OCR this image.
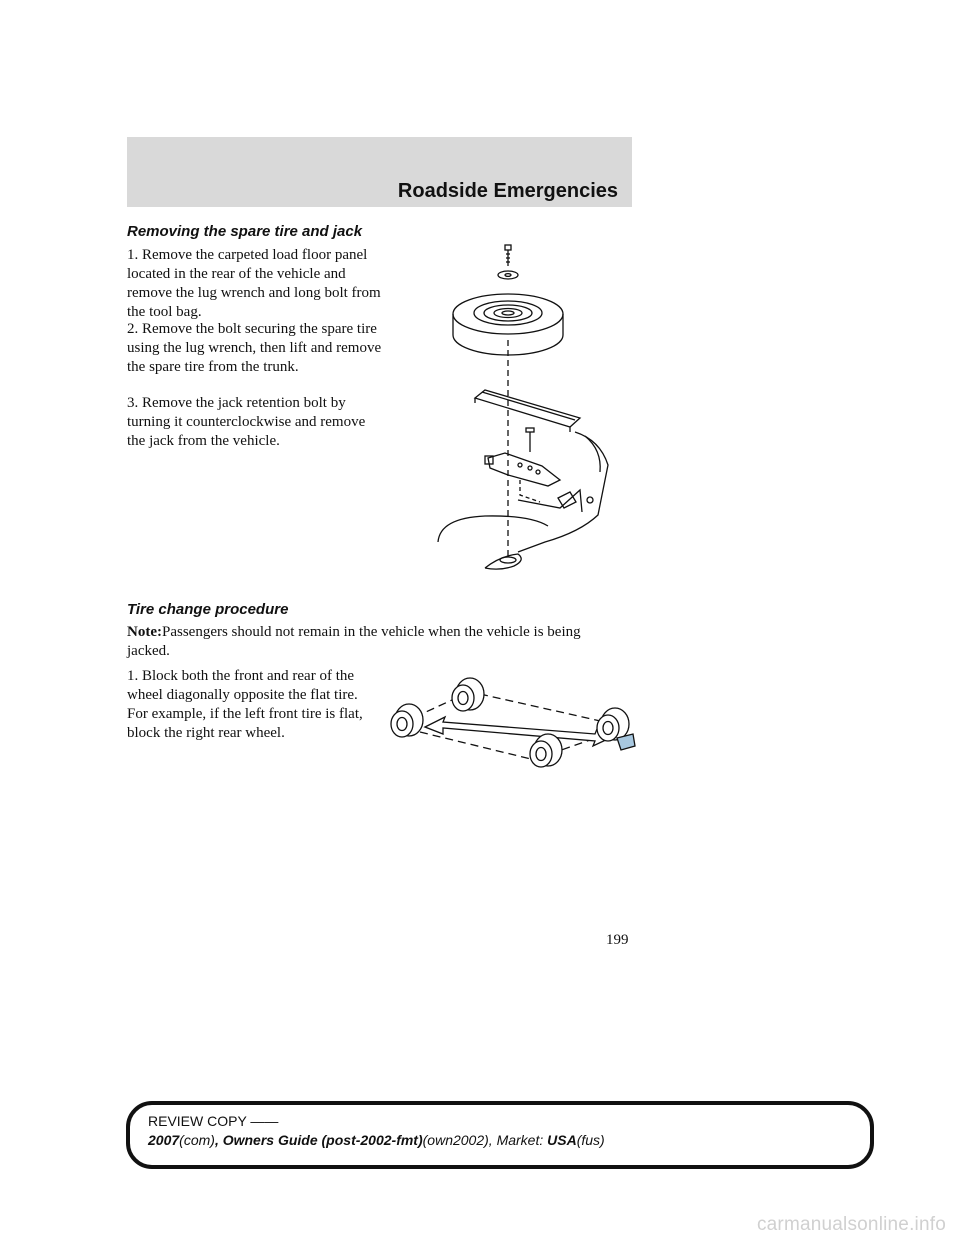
Roadside Emergencies
Removing the spare tire and jack

1. Remove the carpeted load floor panel located in the rear of the vehicle and remove the lug wrench and long bolt from the tool bag.

2. Remove the bolt securing the spare tire using the lug wrench, then lift and remove the spare tire from the trunk.

3. Remove the jack retention bolt by turning it counterclockwise and remove the jack from the vehicle.

Tire change procedure

Note:Passengers should not remain in the vehicle when the vehicle is being jacked.

1. Block both the front and rear of the wheel diagonally opposite the flat tire. For example, if the left front tire is flat, block the right rear wheel.

199
REVIEW COPY ——
2007(com), Owners Guide (post-2002-fmt)(own2002), Market: USA(fus)
carmanualsonline.info
